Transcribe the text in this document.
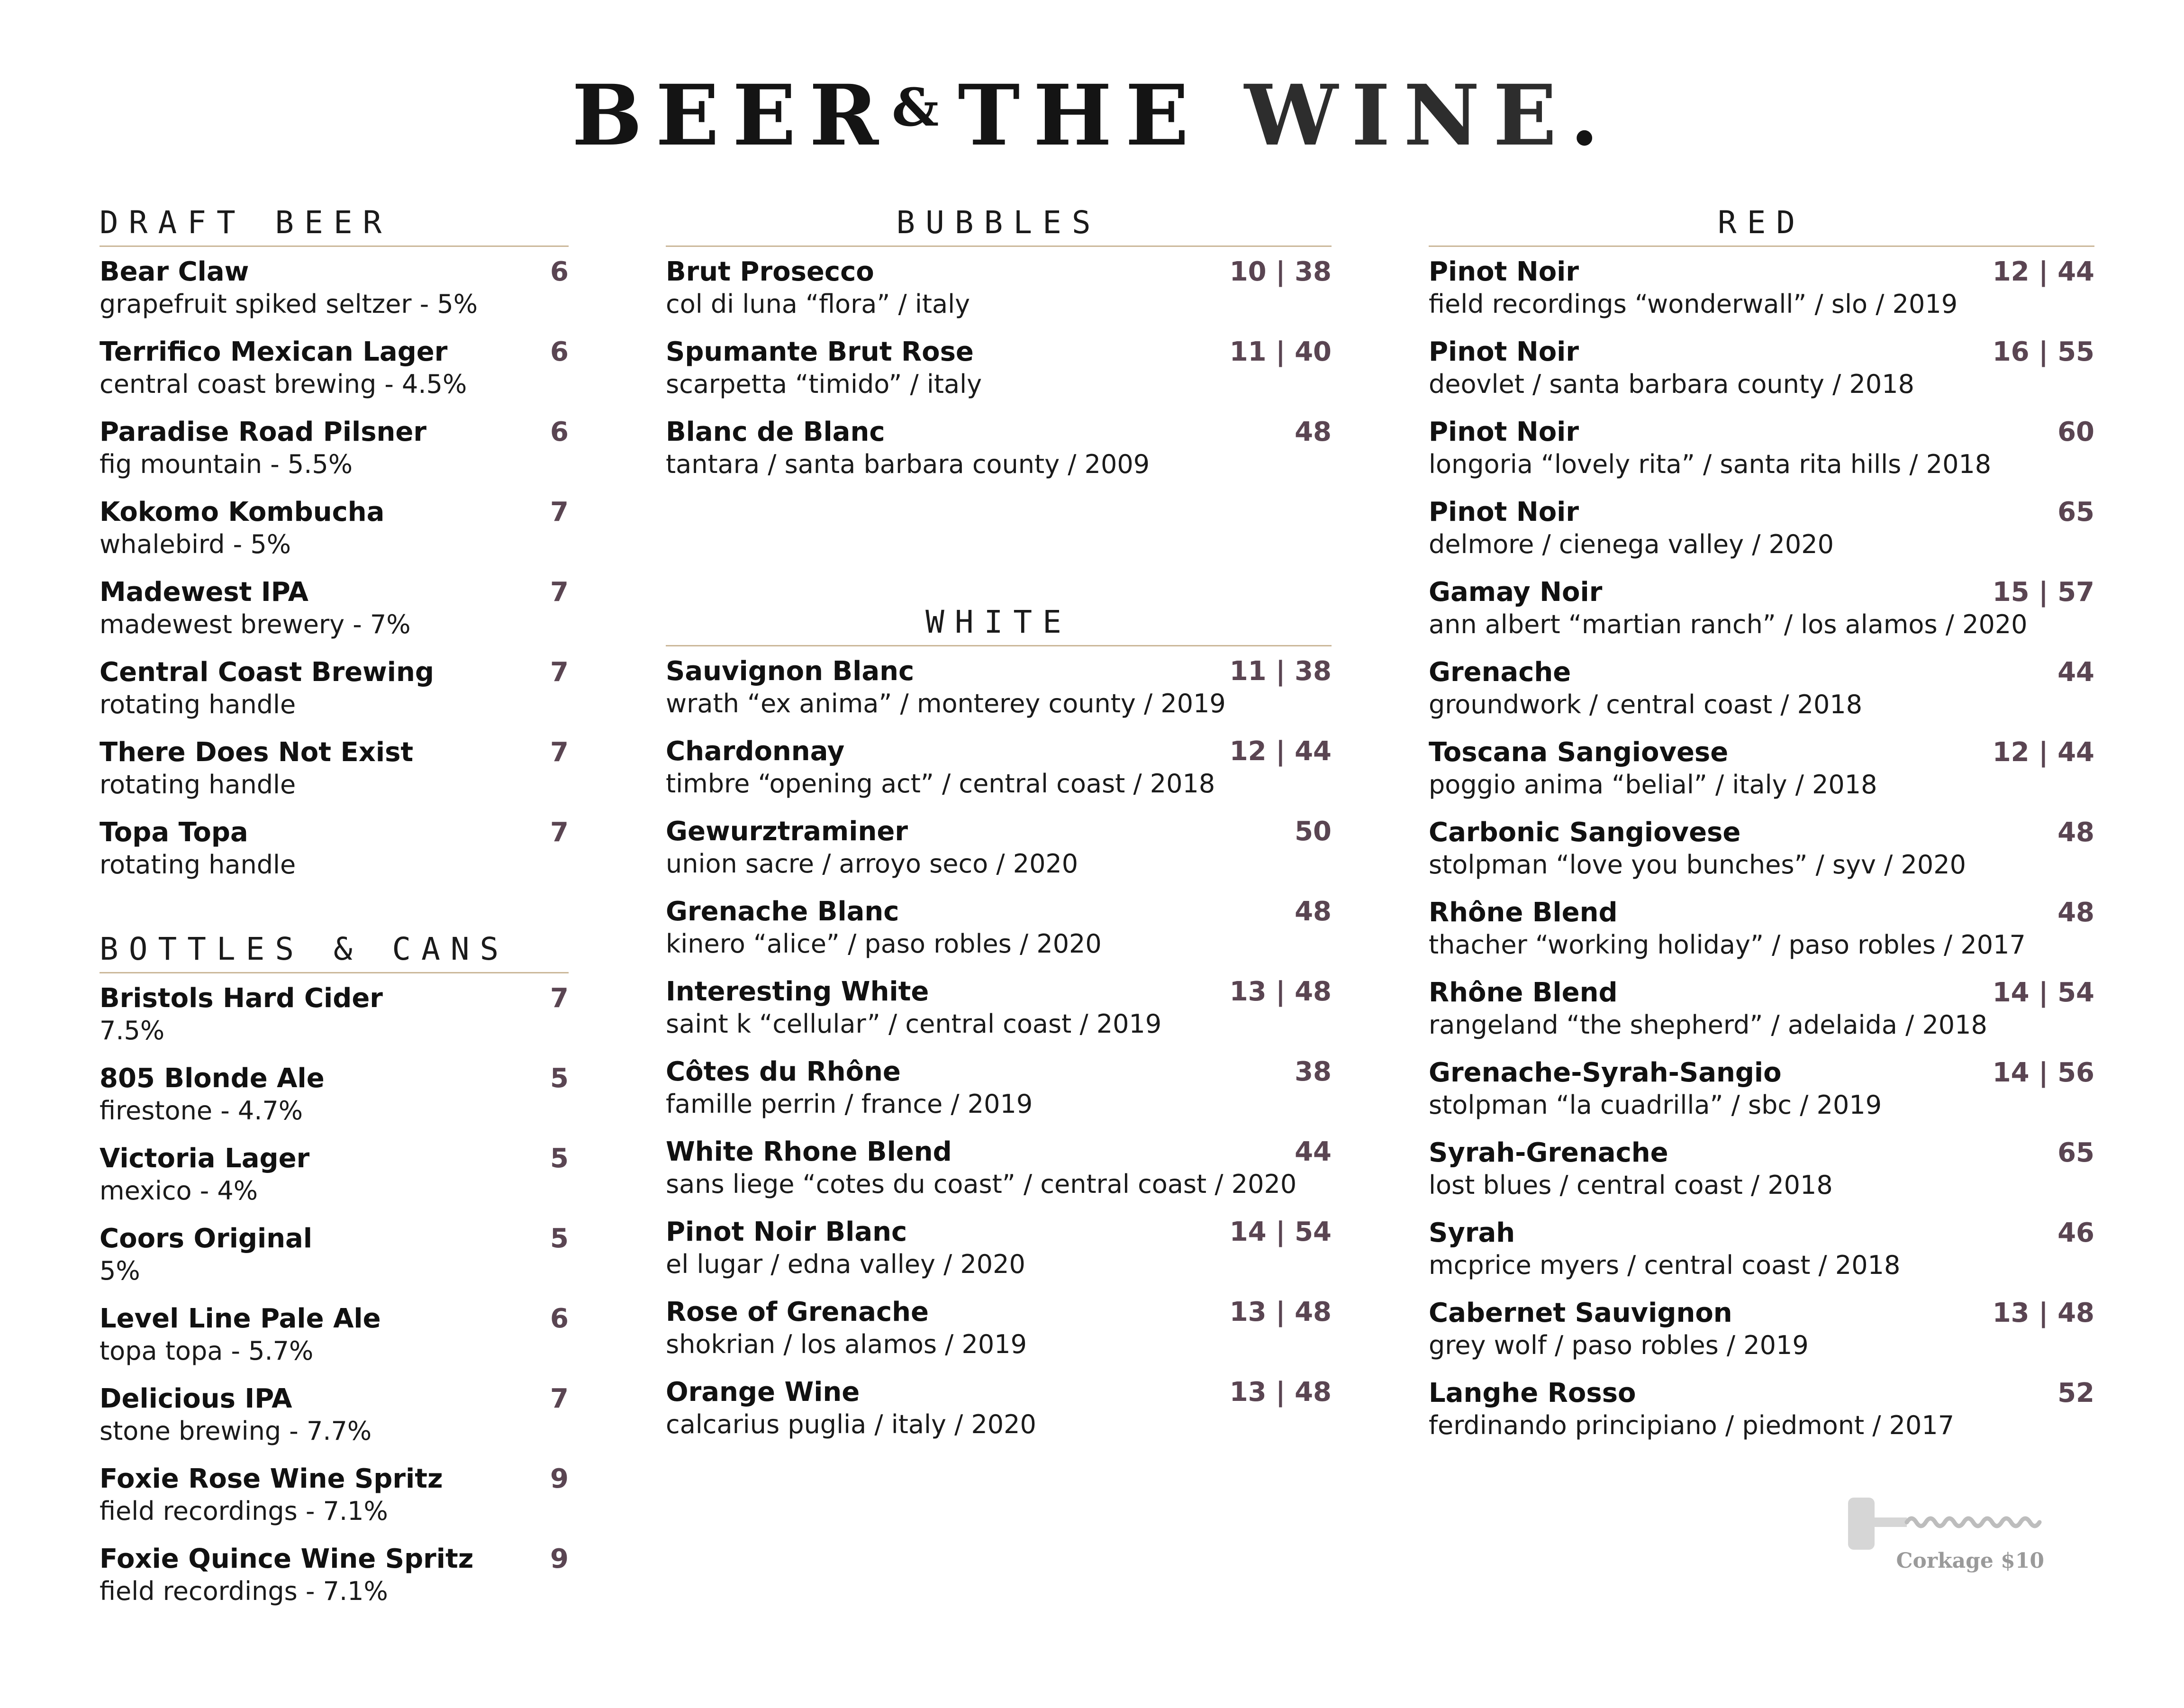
BEER&THE WINE.
DRAFT BEER
Bear Claw	6
grapefruit spiked seltzer - 5%
Terrifico Mexican Lager	6
central coast brewing - 4.5%
Paradise Road Pilsner	6
fig mountain - 5.5%
Kokomo Kombucha	7
whalebird - 5%
Madewest IPA	7
madewest brewery - 7%
Central Coast Brewing	7
rotating handle
There Does Not Exist	7
rotating handle
Topa Topa	7
rotating handle
BOTTLES & CANS
Bristols Hard Cider	7
7.5%
805 Blonde Ale	5
firestone - 4.7%
Victoria Lager	5
mexico - 4%
Coors Original	5
5%
Level Line Pale Ale	6
topa topa - 5.7%
Delicious IPA	7
stone brewing - 7.7%
Foxie Rose Wine Spritz	9
field recordings - 7.1%
Foxie Quince Wine Spritz	9
field recordings - 7.1%
BUBBLES
Brut Prosecco	10 | 38
col di luna “flora” / italy
Spumante Brut Rose	11 | 40
scarpetta “timido” / italy
Blanc de Blanc	48
tantara / santa barbara county / 2009
WHITE
Sauvignon Blanc	11 | 38
wrath “ex anima” / monterey county / 2019
Chardonnay	12 | 44
timbre “opening act” / central coast / 2018
Gewurztraminer	50
union sacre / arroyo seco / 2020
Grenache Blanc	48
kinero “alice” / paso robles / 2020
Interesting White	13 | 48
saint k “cellular” / central coast / 2019
Côtes du Rhône	38
famille perrin / france / 2019
White Rhone Blend	44
sans liege “cotes du coast” / central coast / 2020
Pinot Noir Blanc	14 | 54
el lugar / edna valley / 2020
Rose of Grenache	13 | 48
shokrian / los alamos / 2019
Orange Wine	13 | 48
calcarius puglia / italy / 2020
RED
Pinot Noir	12 | 44
field recordings “wonderwall” / slo / 2019
Pinot Noir	16 | 55
deovlet / santa barbara county / 2018
Pinot Noir	60
longoria “lovely rita” / santa rita hills / 2018
Pinot Noir	65
delmore / cienega valley / 2020
Gamay Noir	15 | 57
ann albert “martian ranch” / los alamos / 2020
Grenache	44
groundwork / central coast / 2018
Toscana Sangiovese	12 | 44
poggio anima “belial” / italy / 2018
Carbonic Sangiovese	48
stolpman “love you bunches” / syv / 2020
Rhône Blend	48
thacher “working holiday” / paso robles / 2017
Rhône Blend	14 | 54
rangeland “the shepherd” / adelaida / 2018
Grenache-Syrah-Sangio	14 | 56
stolpman “la cuadrilla” / sbc / 2019
Syrah-Grenache	65
lost blues / central coast / 2018
Syrah	46
mcprice myers / central coast / 2018
Cabernet Sauvignon	13 | 48
grey wolf / paso robles / 2019
Langhe Rosso	52
ferdinando principiano / piedmont / 2017
Corkage $10
